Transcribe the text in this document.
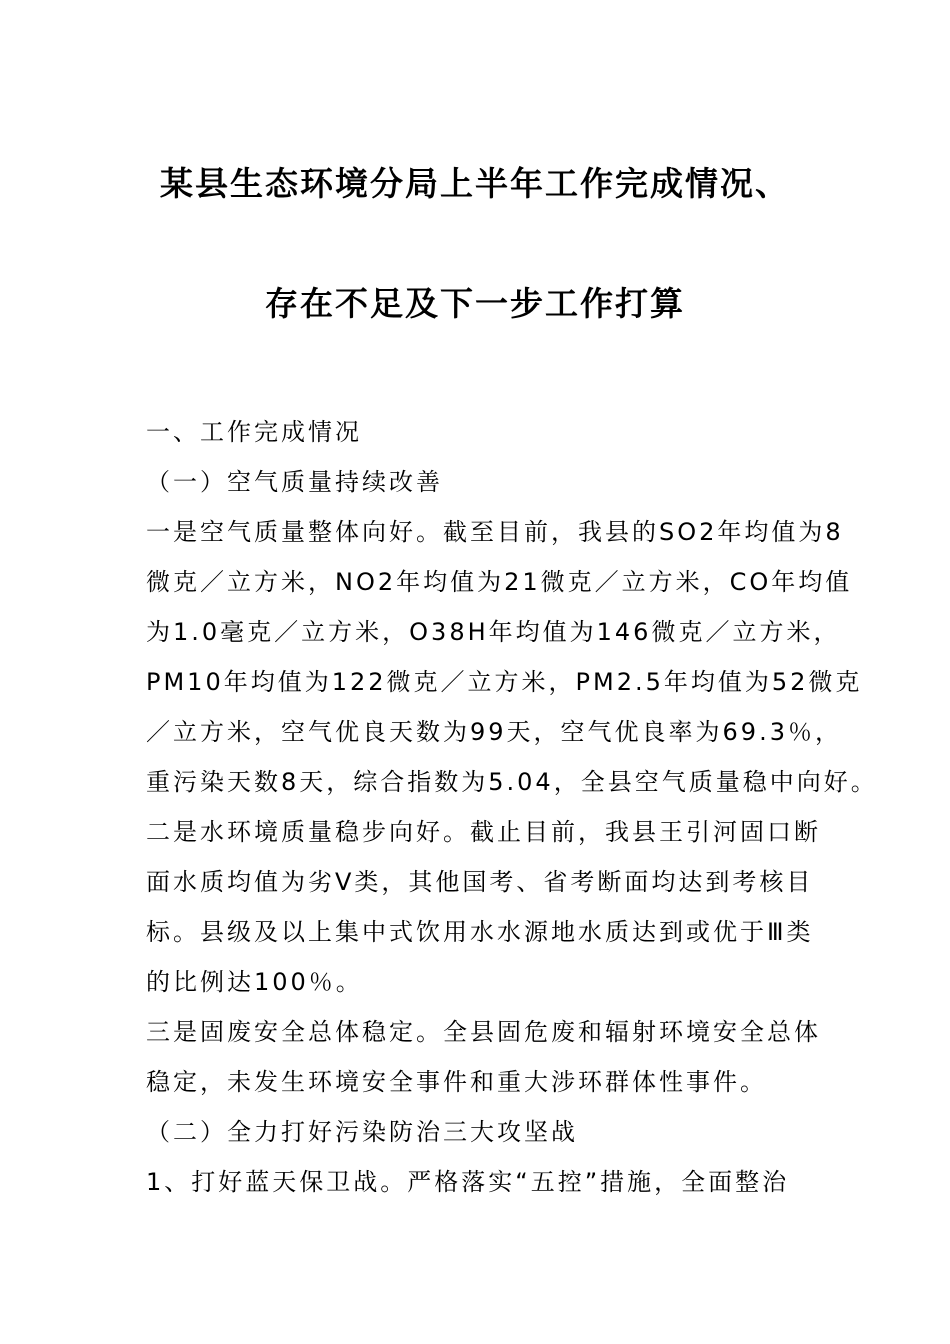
某县生态环境分局上半年工作完成情况、
存在不足及下一步工作打算
一、工作完成情况
（一）空气质量持续改善
一是空气质量整体向好。截至目前，我县的SO2年均值为8
微克／立方米，NO2年均值为21微克／立方米，CO年均值
为1.0毫克／立方米，O38H年均值为146微克／立方米，
PM10年均值为122微克／立方米，PM2.5年均值为52微克
／立方米，空气优良天数为99天，空气优良率为69.3％，
重污染天数8天，综合指数为5.04，全县空气质量稳中向好。
二是水环境质量稳步向好。截止目前，我县王引河固口断
面水质均值为劣Ⅴ类，其他国考、省考断面均达到考核目
标。县级及以上集中式饮用水水源地水质达到或优于Ⅲ类
的比例达100％。
三是固废安全总体稳定。全县固危废和辐射环境安全总体
稳定，未发生环境安全事件和重大涉环群体性事件。
（二）全力打好污染防治三大攻坚战
1、打好蓝天保卫战。严格落实“五控”措施，全面整治
